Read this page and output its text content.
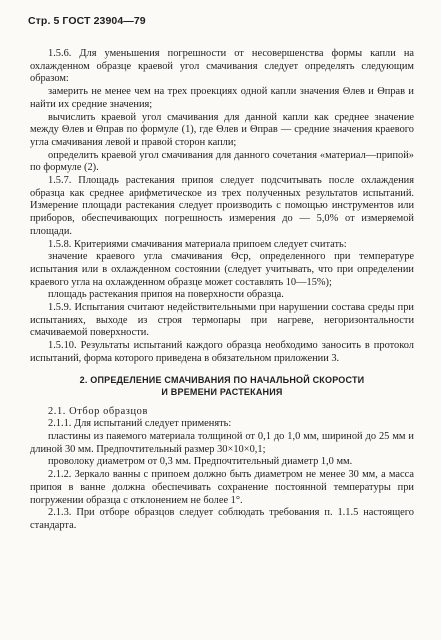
Стр. 5 ГОСТ 23904—79

1.5.6. Для уменьшения погрешности от несовершенства формы капли на охлажденном образце краевой угол смачивания следует определять следующим образом:

замерить не менее чем на трех проекциях одной капли значения Θлев и Θправ и найти их средние значения;

вычислить краевой угол смачивания для данной капли как среднее значение между Θлев и Θправ по формуле (1), где Θлев и Θправ — средние значения краевого угла смачивания левой и правой сторон капли;

определить краевой угол смачивания для данного сочетания «материал—припой» по формуле (2).

1.5.7. Площадь растекания припоя следует подсчитывать после охлаждения образца как среднее арифметическое из трех полученных результатов испытаний. Измерение площади растекания следует производить с помощью инструментов или приборов, обеспечивающих погрешность измерения до — 5,0% от измеряемой площади.

1.5.8. Критериями смачивания материала припоем следует считать:

значение краевого угла смачивания Θср, определенного при температуре испытания или в охлажденном состоянии (следует учитывать, что при определении краевого угла на охлажденном образце может составлять 10—15%);

площадь растекания припоя на поверхности образца.

1.5.9. Испытания считают недействительными при нарушении состава среды при испытаниях, выходе из строя термопары при нагреве, негоризонтальности смачиваемой поверхности.

1.5.10. Результаты испытаний каждого образца необходимо заносить в протокол испытаний, форма которого приведена в обязательном приложении 3.

2. ОПРЕДЕЛЕНИЕ СМАЧИВАНИЯ ПО НАЧАЛЬНОЙ СКОРОСТИ
И ВРЕМЕНИ РАСТЕКАНИЯ

2.1. Отбор образцов

2.1.1. Для испытаний следует применять:

пластины из паяемого материала толщиной от 0,1 до 1,0 мм, шириной до 25 мм и длиной 30 мм. Предпочтительный размер 30×10×0,1;

проволоку диаметром от 0,3 мм. Предпочтительный диаметр 1,0 мм.

2.1.2. Зеркало ванны с припоем должно быть диаметром не менее 30 мм, а масса припоя в ванне должна обеспечивать сохранение постоянной температуры при погружении образца с отклонением не более 1°.

2.1.3. При отборе образцов следует соблюдать требования п. 1.1.5 настоящего стандарта.
